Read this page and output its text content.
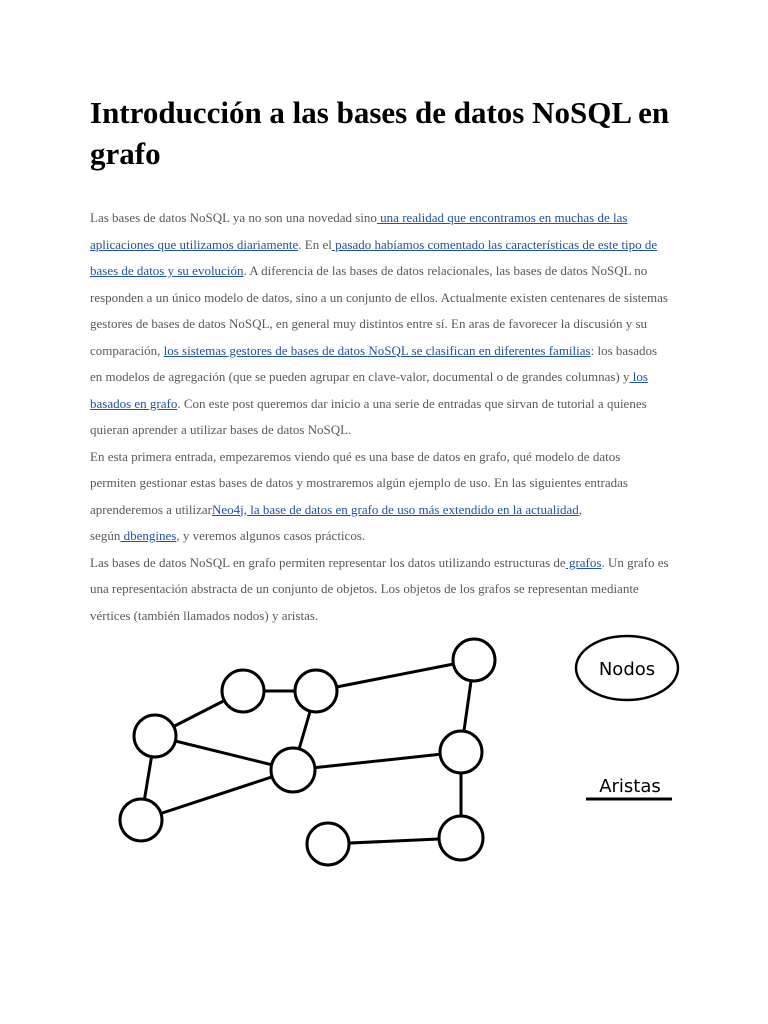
Introducción a las bases de datos NoSQL en
grafo

Las bases de datos NoSQL ya no son una novedad sino una realidad que encontramos en muchas de las
aplicaciones que utilizamos diariamente. En el pasado habíamos comentado las características de este tipo de
bases de datos y su evolución. A diferencia de las bases de datos relacionales, las bases de datos NoSQL no
responden a un único modelo de datos, sino a un conjunto de ellos. Actualmente existen centenares de sistemas
gestores de bases de datos NoSQL, en general muy distintos entre sí. En aras de favorecer la discusión y su
comparación, los sistemas gestores de bases de datos NoSQL se clasifican en diferentes familias: los basados
en modelos de agregación (que se pueden agrupar en clave-valor, documental o de grandes columnas) y los
basados en grafo. Con este post queremos dar inicio a una serie de entradas que sirvan de tutorial a quienes
quieran aprender a utilizar bases de datos NoSQL.

En esta primera entrada, empezaremos viendo qué es una base de datos en grafo, qué modelo de datos
permiten gestionar estas bases de datos y mostraremos algún ejemplo de uso. En las siguientes entradas
aprenderemos a utilizarNeo4j, la base de datos en grafo de uso más extendido en la actualidad,
según dbengines, y veremos algunos casos prácticos.

Las bases de datos NoSQL en grafo permiten representar los datos utilizando estructuras de grafos. Un grafo es
una representación abstracta de un conjunto de objetos. Los objetos de los grafos se representan mediante
vértices (también llamados nodos) y aristas.

Nodos
Aristas
